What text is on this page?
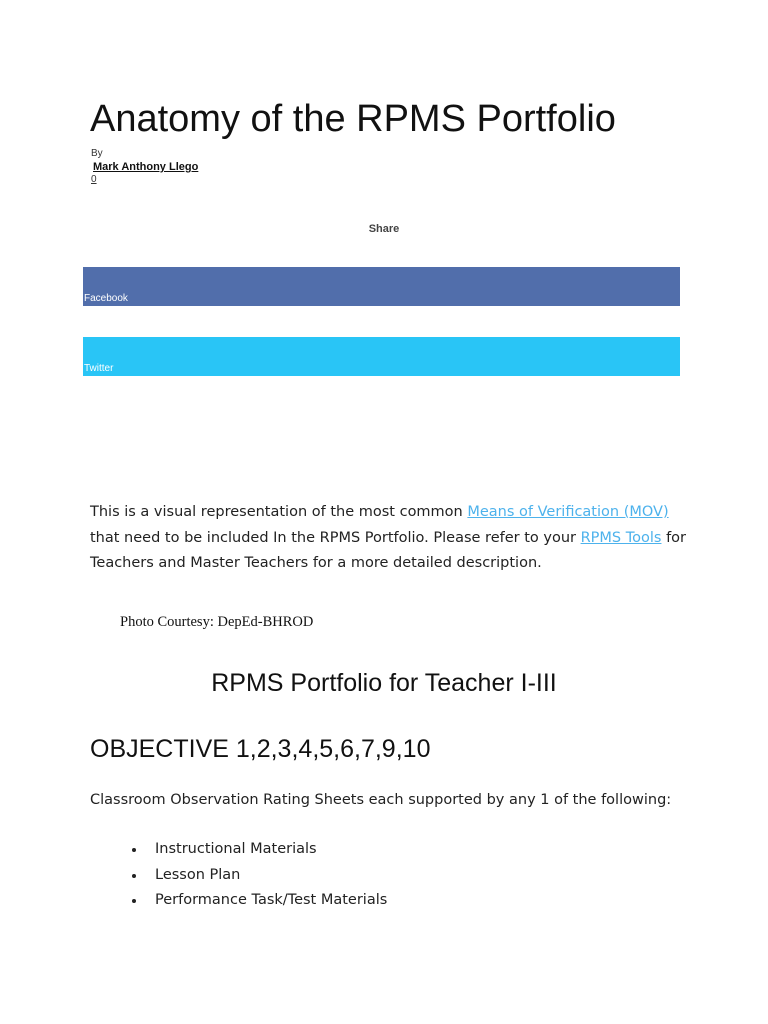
Anatomy of the RPMS Portfolio
By
Mark Anthony Llego
0
Share
Facebook
Twitter

This is a visual representation of the most common Means of Verification (MOV) that need to be included In the RPMS Portfolio. Please refer to your RPMS Tools for Teachers and Master Teachers for a more detailed description.

Photo Courtesy: DepEd-BHROD
RPMS Portfolio for Teacher I-III
OBJECTIVE 1,2,3,4,5,6,7,9,10

Classroom Observation Rating Sheets each supported by any 1 of the following:

Instructional Materials
Lesson Plan
Performance Task/Test Materials
